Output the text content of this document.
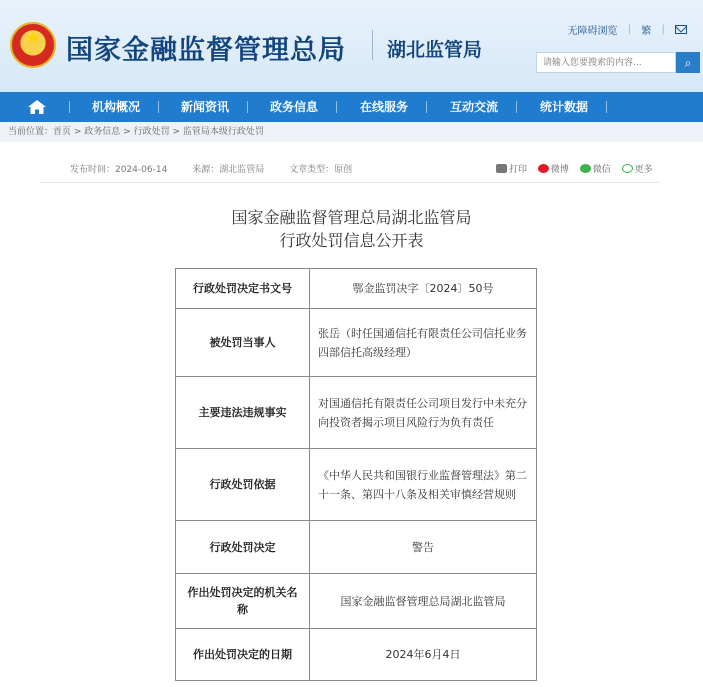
★ 国家金融监督管理总局 湖北监管局
无障碍浏览 | 繁 |
请输入您要搜索的内容...
⌕
机构概况	新闻资讯	政务信息	在线服务	互动交流	统计数据
当前位置：首页 > 政务信息 > 行政处罚 > 监管局本级行政处罚
发布时间：2024-06-14	来源：湖北监管局	文章类型：原创	打印	微博	微信	更多
国家金融监督管理总局湖北监管局
行政处罚信息公开表
行政处罚决定书文号	鄂金监罚决字〔2024〕50号
被处罚当事人	张岳（时任国通信托有限责任公司信托业务四部信托高级经理）
主要违法违规事实	对国通信托有限责任公司项目发行中未充分向投资者揭示项目风险行为负有责任
行政处罚依据	《中华人民共和国银行业监督管理法》第二十一条、第四十八条及相关审慎经营规则
行政处罚决定	警告
作出处罚决定的机关名称	国家金融监督管理总局湖北监管局
作出处罚决定的日期	2024年6月4日
